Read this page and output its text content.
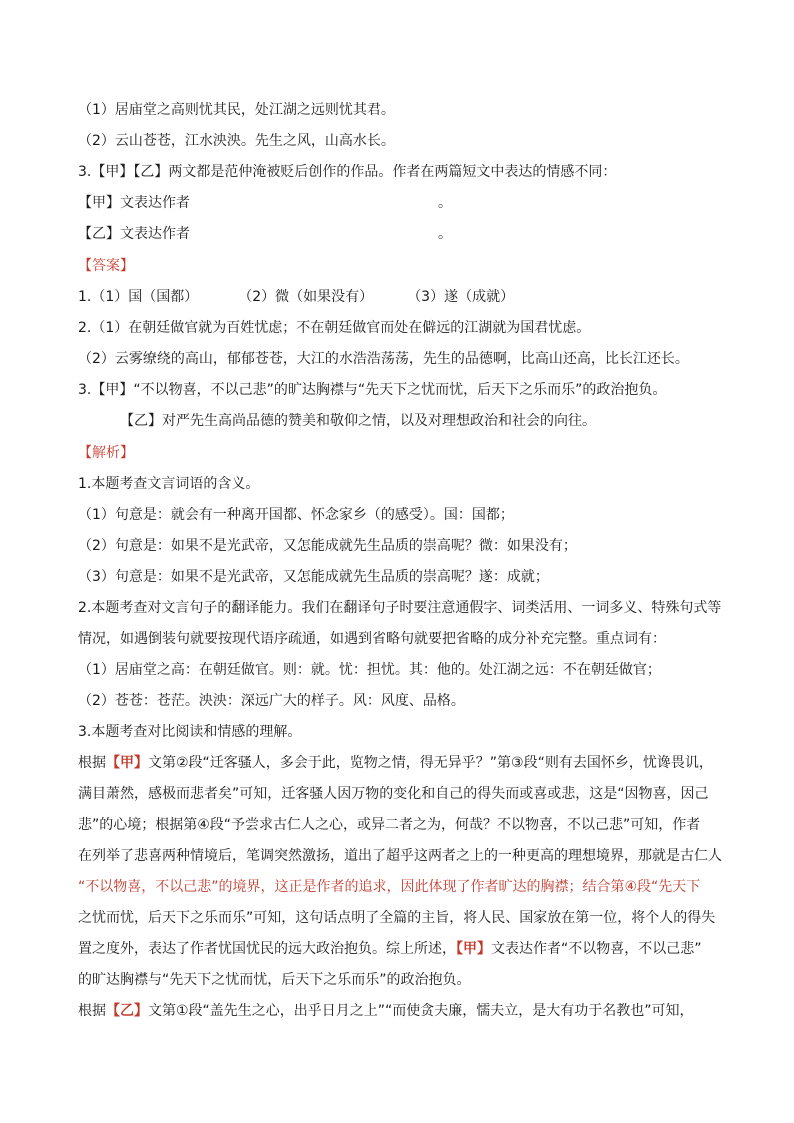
（1）居庙堂之高则忧其民，处江湖之远则忧其君。
（2）云山苍苍，江水泱泱。先生之风，山高水长。
3.【甲】【乙】两文都是范仲淹被贬后创作的作品。作者在两篇短文中表达的情感不同：
【甲】文表达作者	。
【乙】文表达作者	。
【答案】
1.（1）国（国都）	（2）微（如果没有） （3）遂（成就）
2.（1）在朝廷做官就为百姓忧虑；不在朝廷做官而处在僻远的江湖就为国君忧虑。
（2）云雾缭绕的高山，郁郁苍苍，大江的水浩浩荡荡，先生的品德啊，比高山还高，比长江还长。
3.【甲】“不以物喜，不以己悲”的旷达胸襟与“先天下之忧而忧，后天下之乐而乐”的政治抱负。
【乙】对严先生高尚品德的赞美和敬仰之情，以及对理想政治和社会的向往。
【解析】
1.本题考查文言词语的含义。
（1）句意是：就会有一种离开国都、怀念家乡（的感受）。国：国都；
（2）句意是：如果不是光武帝，又怎能成就先生品质的崇高呢？微：如果没有；
（3）句意是：如果不是光武帝，又怎能成就先生品质的崇高呢？遂：成就；
2.本题考查对文言句子的翻译能力。我们在翻译句子时要注意通假字、词类活用、一词多义、特殊句式等
情况，如遇倒装句就要按现代语序疏通，如遇到省略句就要把省略的成分补充完整。重点词有：
（1）居庙堂之高：在朝廷做官。则：就。忧：担忧。其：他的。处江湖之远：不在朝廷做官；
（2）苍苍：苍茫。泱泱：深远广大的样子。风：风度、品格。
3.本题考查对比阅读和情感的理解。
根据【甲】文第②段“迁客骚人，多会于此，览物之情，得无异乎？”第③段“则有去国怀乡，忧谗畏讥，
满目萧然，感极而悲者矣”可知，迁客骚人因万物的变化和自己的得失而或喜或悲，这是“因物喜，因己
悲”的心境；根据第④段“予尝求古仁人之心，或异二者之为，何哉？不以物喜，不以己悲”可知，作者
在列举了悲喜两种情境后，笔调突然激扬，道出了超乎这两者之上的一种更高的理想境界，那就是古仁人
“不以物喜，不以己悲”的境界，这正是作者的追求，因此体现了作者旷达的胸襟；结合第④段“先天下
之忧而忧，后天下之乐而乐”可知，这句话点明了全篇的主旨，将人民、国家放在第一位，将个人的得失
置之度外，表达了作者忧国忧民的远大政治抱负。综上所述，【甲】文表达作者“不以物喜，不以己悲”
的旷达胸襟与“先天下之忧而忧，后天下之乐而乐”的政治抱负。
根据【乙】文第①段“盖先生之心，出乎日月之上”“而使贪夫廉，懦夫立，是大有功于名教也”可知，
